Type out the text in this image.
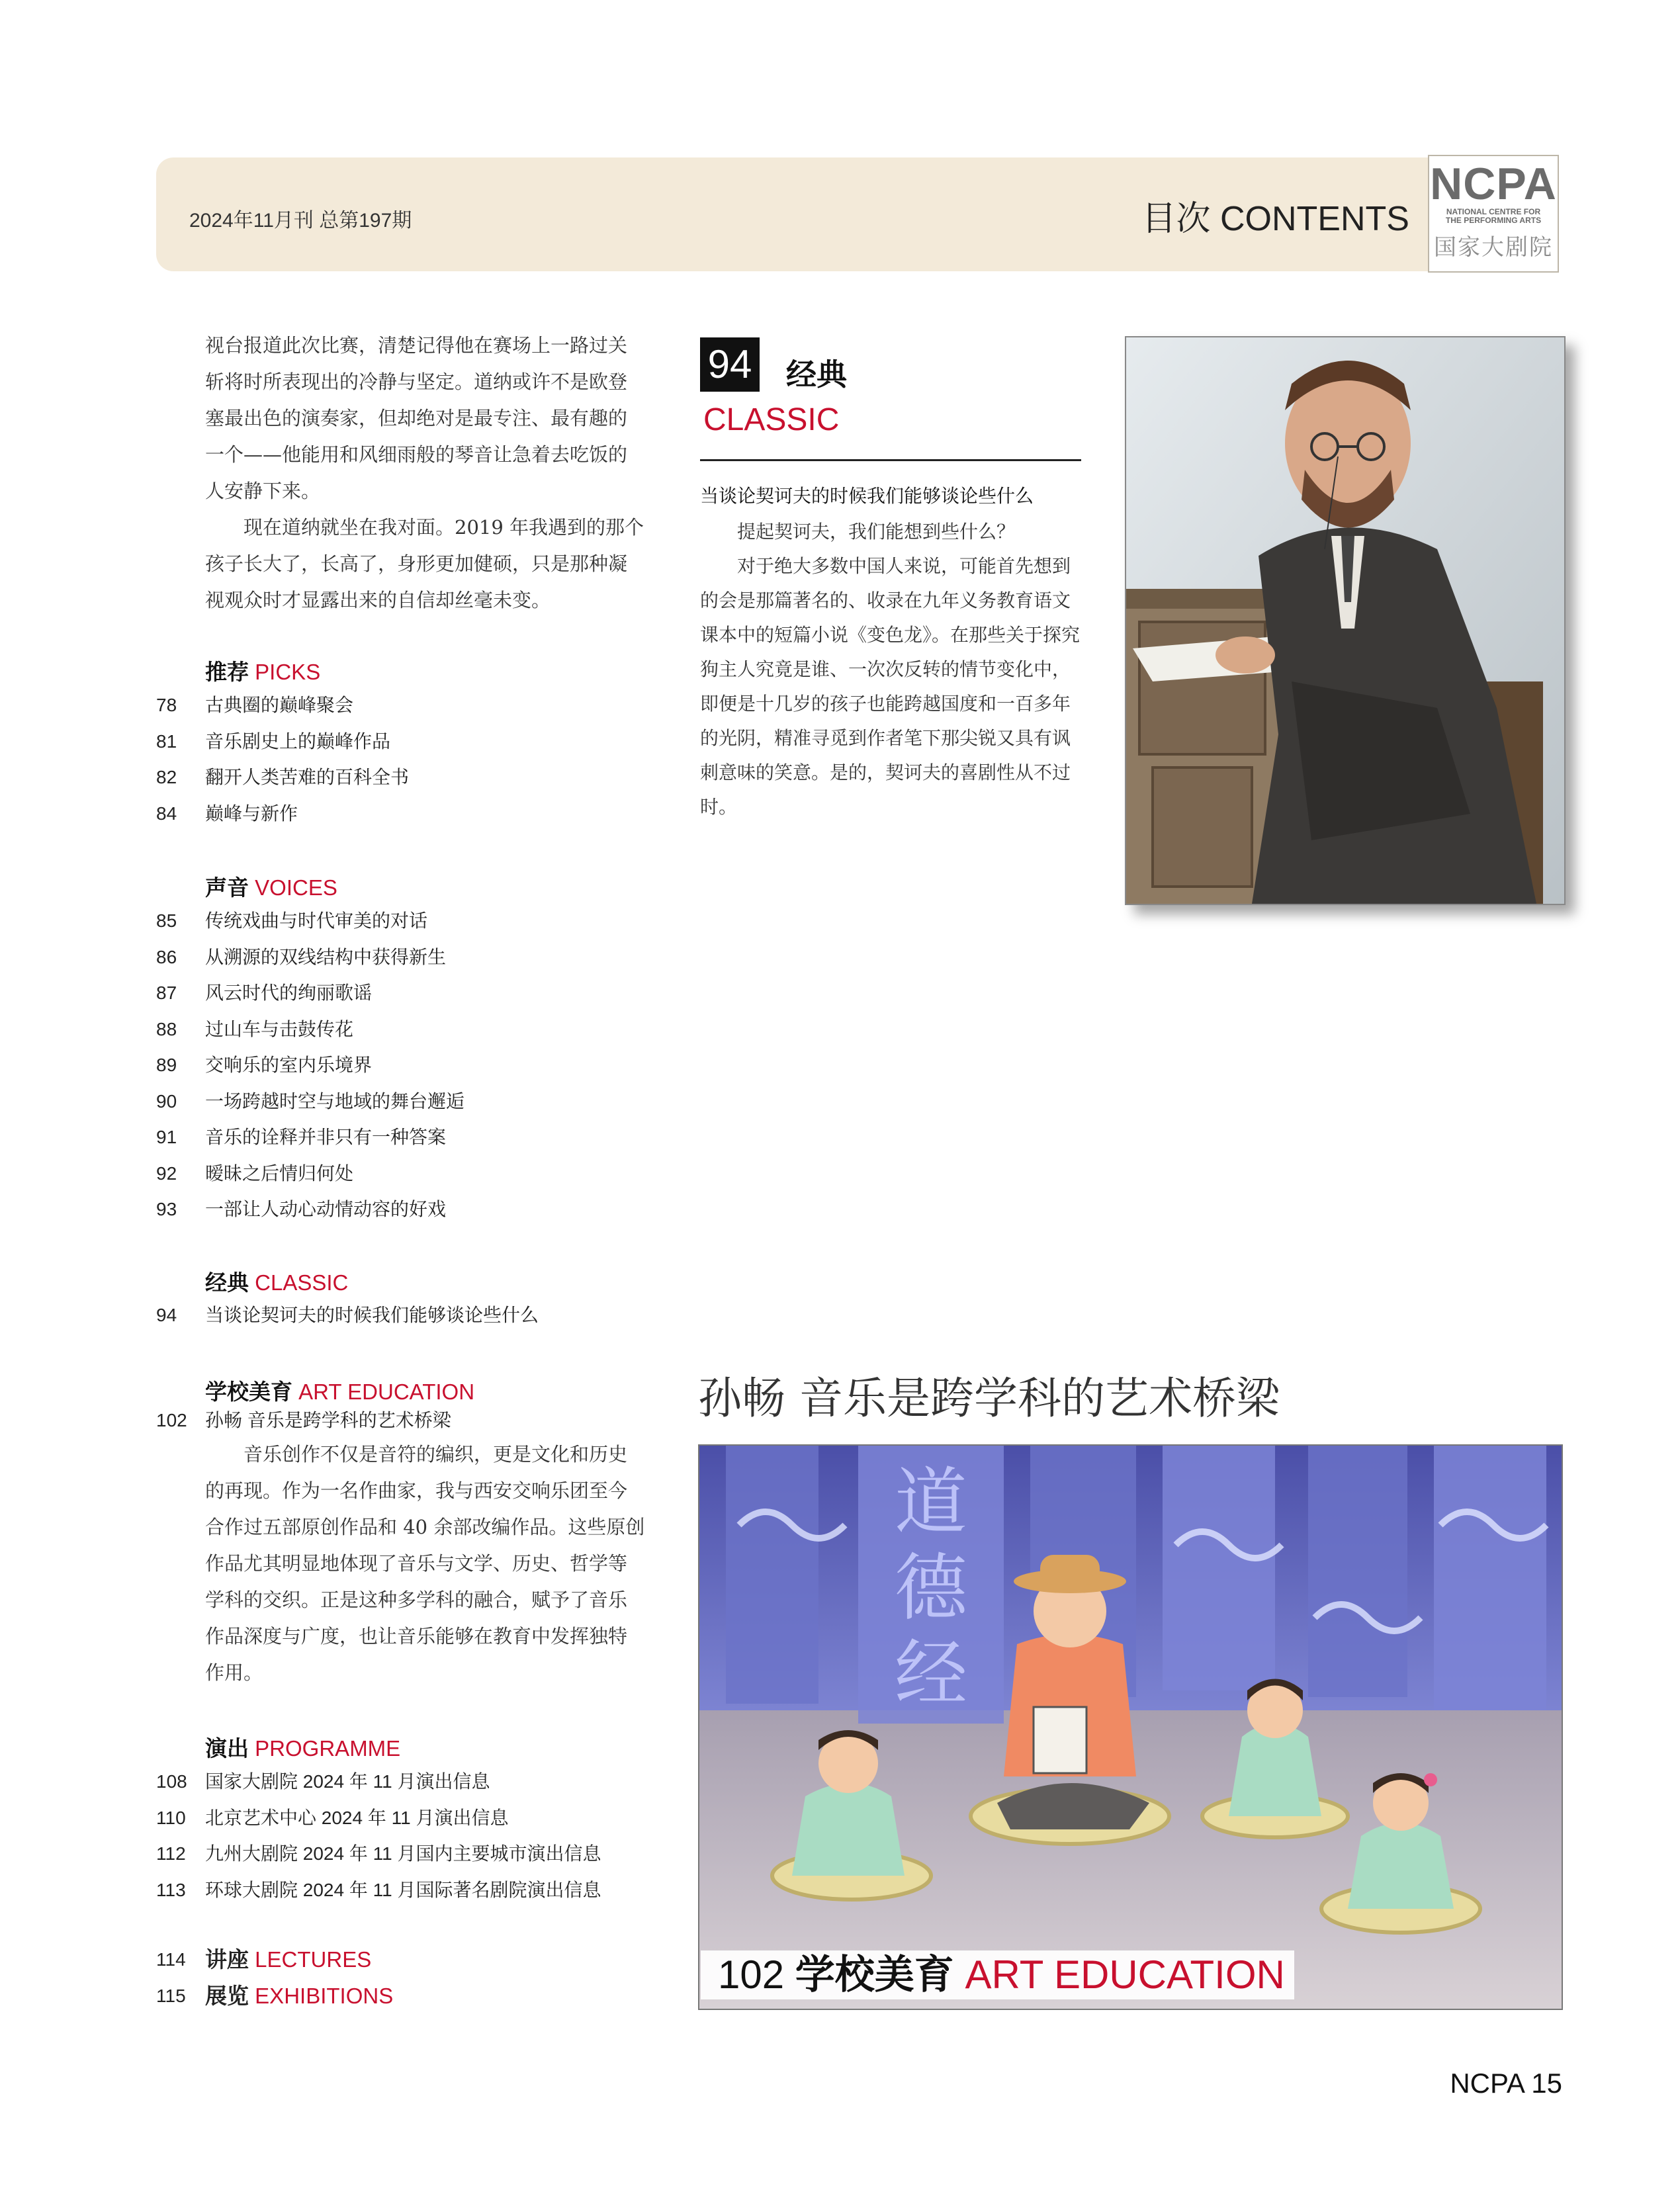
2024年11月刊 总第197期	目次 CONTENTS
NCPA
NATIONAL CENTRE FOR
THE PERFORMING ARTS
国家大剧院

视台报道此次比赛，清楚记得他在赛场上一路过关斩将时所表现出的冷静与坚定。道纳或许不是欧登塞最出色的演奏家，但却绝对是最专注、最有趣的一个——他能用和风细雨般的琴音让急着去吃饭的人安静下来。

现在道纳就坐在我对面。2019 年我遇到的那个孩子长大了，长高了，身形更加健硕，只是那种凝视观众时才显露出来的自信却丝毫未变。

推荐 PICKS
78	古典圈的巅峰聚会
81	音乐剧史上的巅峰作品
82	翻开人类苦难的百科全书
84	巅峰与新作
声音 VOICES
85	传统戏曲与时代审美的对话
86	从溯源的双线结构中获得新生
87	风云时代的绚丽歌谣
88	过山车与击鼓传花
89	交响乐的室内乐境界
90	一场跨越时空与地域的舞台邂逅
91	音乐的诠释并非只有一种答案
92	暧昧之后情归何处
93	一部让人动心动情动容的好戏
经典 CLASSIC
94	当谈论契诃夫的时候我们能够谈论些什么
学校美育 ART EDUCATION
102 孙畅 音乐是跨学科的艺术桥梁

音乐创作不仅是音符的编织，更是文化和历史的再现。作为一名作曲家，我与西安交响乐团至今合作过五部原创作品和 40 余部改编作品。这些原创作品尤其明显地体现了音乐与文学、历史、哲学等学科的交织。正是这种多学科的融合，赋予了音乐作品深度与广度，也让音乐能够在教育中发挥独特作用。

演出 PROGRAMME
108 国家大剧院 2024 年 11 月演出信息
110	北京艺术中心 2024 年 11 月演出信息
112	九州大剧院 2024 年 11 月国内主要城市演出信息
113	环球大剧院 2024 年 11 月国际著名剧院演出信息
114 讲座
LECTURES
115 展览
EXHIBITIONS
94 经典
CLASSIC
当谈论契诃夫的时候我们能够谈论些什么

提起契诃夫，我们能想到些什么？

对于绝大多数中国人来说，可能首先想到的会是那篇著名的、收录在九年义务教育语文课本中的短篇小说《变色龙》。在那些关于探究狗主人究竟是谁、一次次反转的情节变化中，即便是十几岁的孩子也能跨越国度和一百多年的光阴，精准寻觅到作者笔下那尖锐又具有讽刺意味的笑意。是的，契诃夫的喜剧性从不过时。

孙畅 音乐是跨学科的艺术桥梁
道
德
经
102 学校美育 ART EDUCATION
NCPA 15
